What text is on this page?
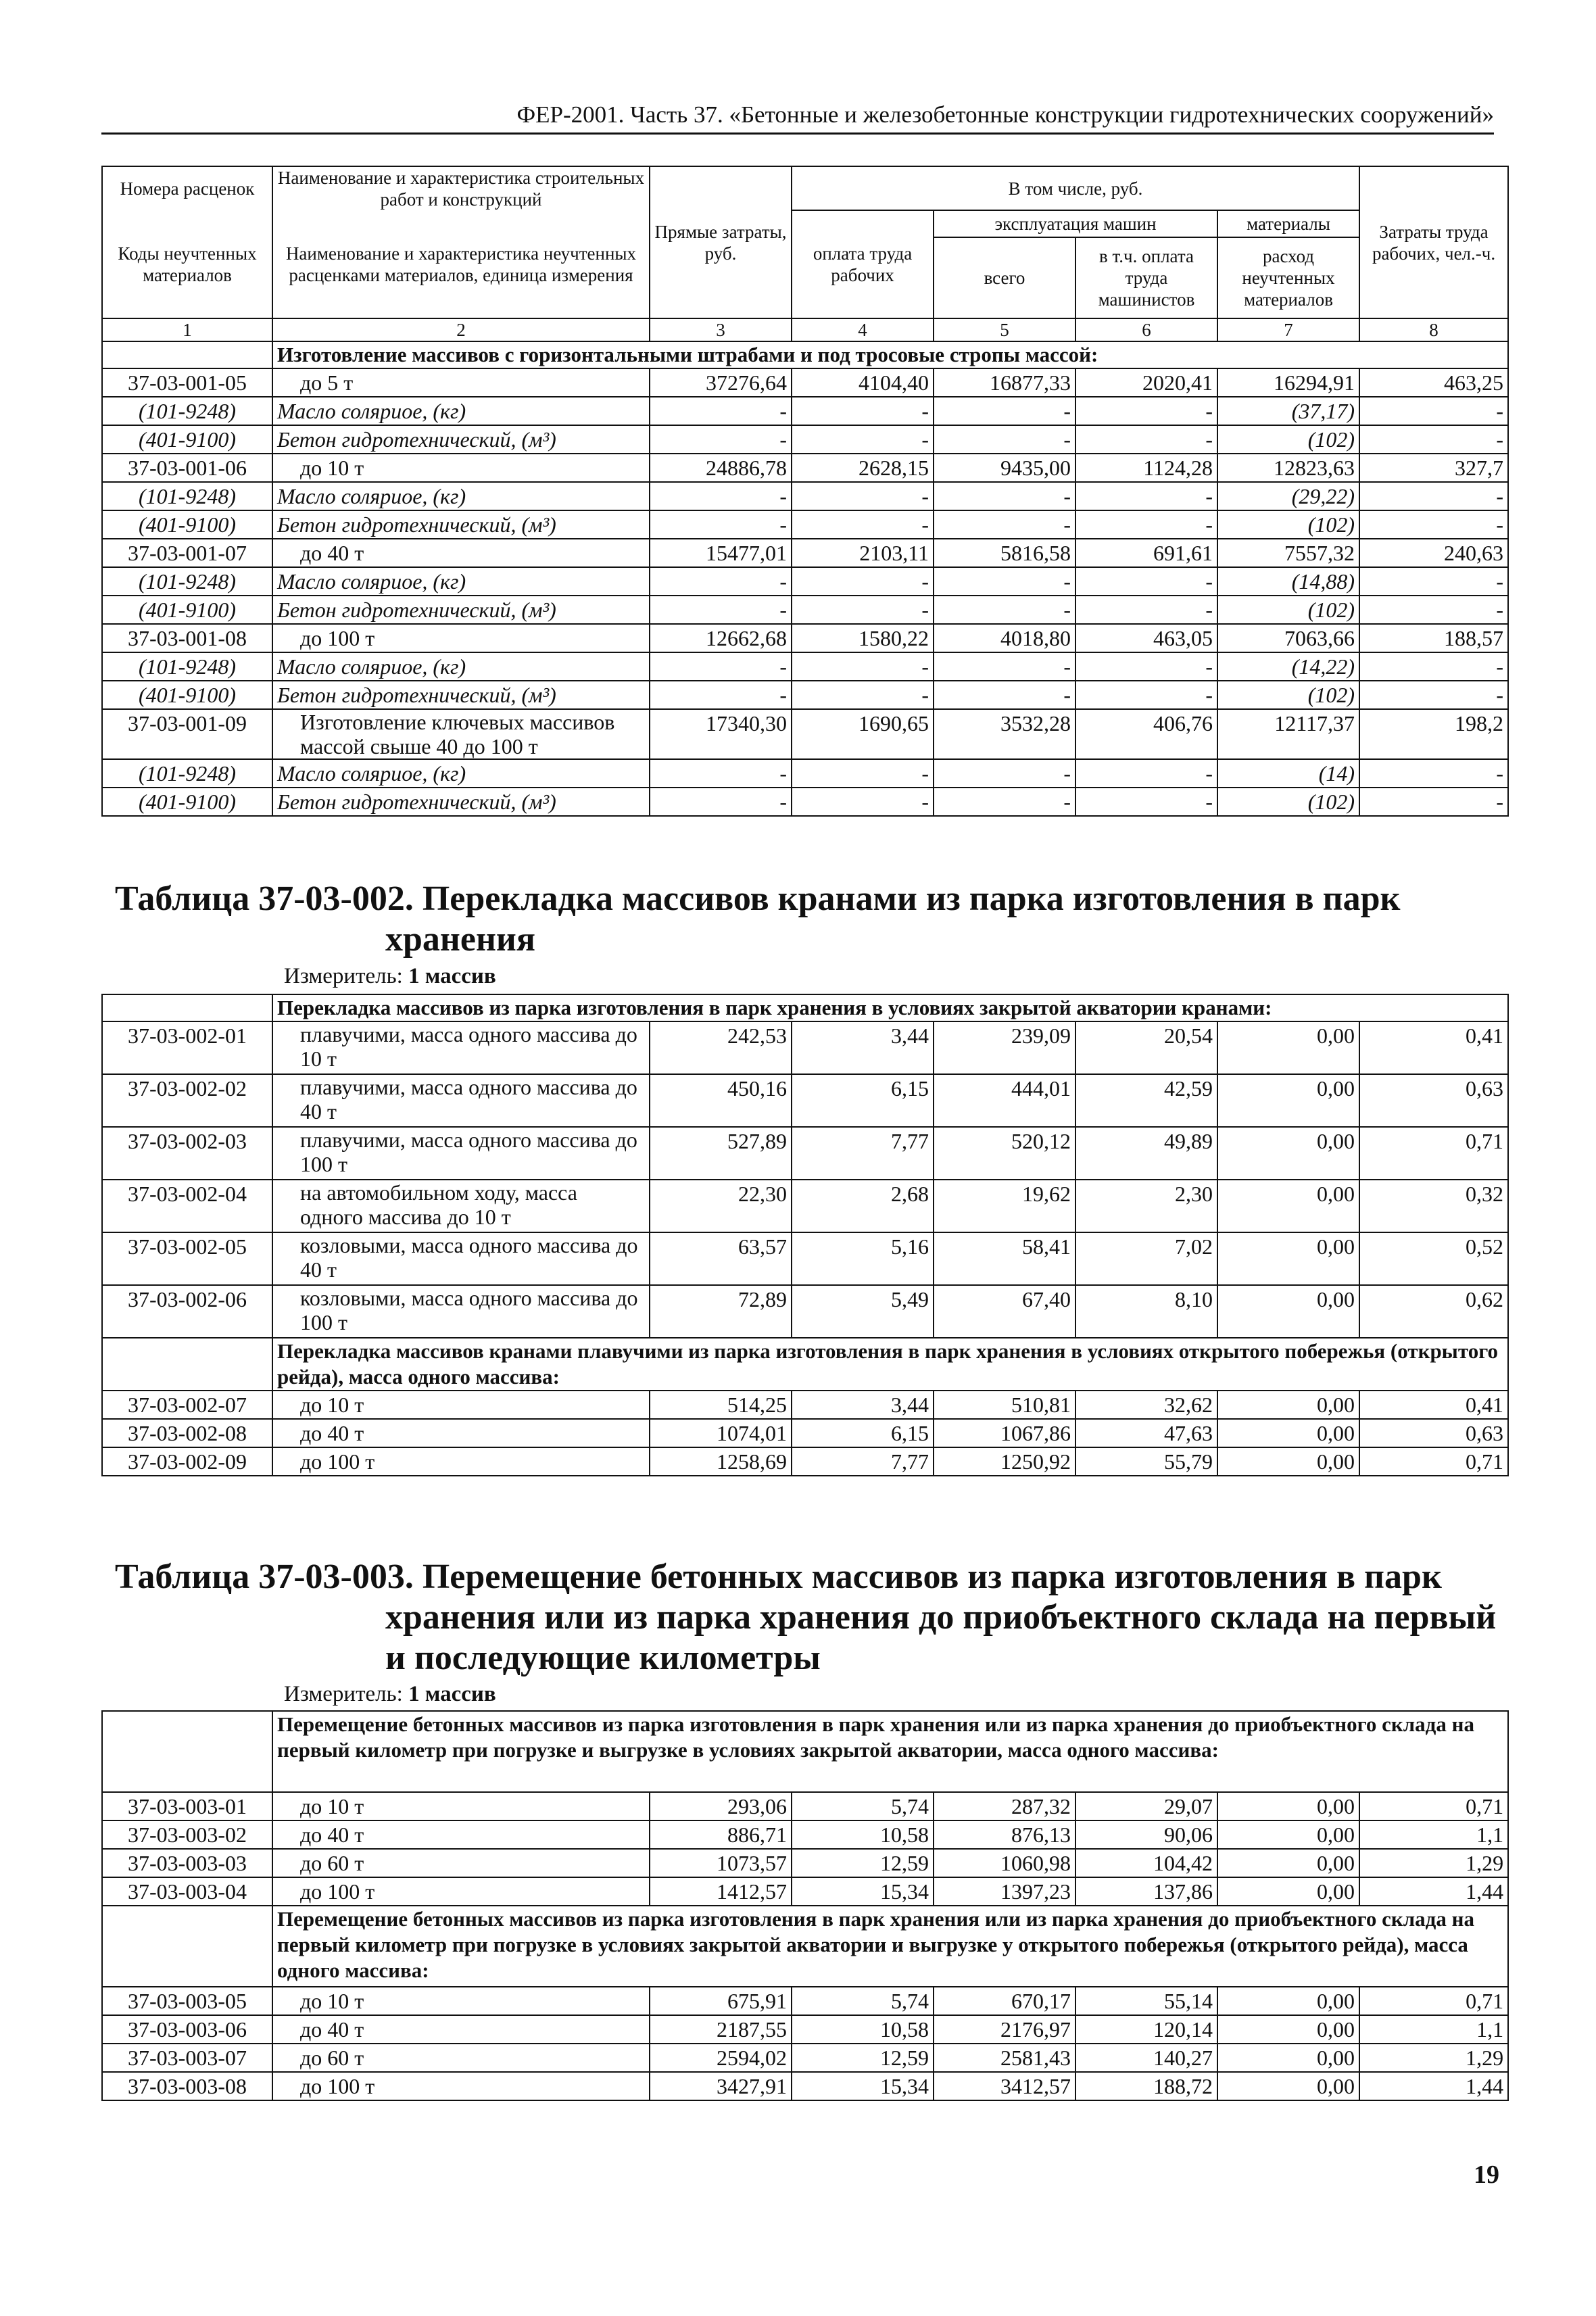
ФЕР-2001. Часть 37. «Бетонные и железобетонные конструкции гидротехнических сооружений»
Номера расценок	Наименование и характеристика строительных работ и конструкций	Прямые затраты, руб.	В том числе, руб.				Затраты труда рабочих, чел.-ч.
Коды неучтенных материалов	Наименование и характеристика неучтенных расценками материалов, единица измерения		оплата труда рабочих	эксплуатация машин		материалы	
				всего	в т.ч. оплата труда машинистов	расход неучтенных материалов	

1	2	3	4	5	6	7	8
	Изготовление массивов с горизонтальными штрабами и под тросовые стропы массой:						
37-03-001-05	до 5 т	37276,64	4104,40	16877,33	2020,41	16294,91	463,25
(101-9248)	Масло соляриое, (кг)	-	-	-	-	(37,17)	-
(401-9100)	Бетон гидротехнический, (м³)	-	-	-	-	(102)	-
37-03-001-06	до 10 т	24886,78	2628,15	9435,00	1124,28	12823,63	327,7
(101-9248)	Масло соляриое, (кг)	-	-	-	-	(29,22)	-
(401-9100)	Бетон гидротехнический, (м³)	-	-	-	-	(102)	-
37-03-001-07	до 40 т	15477,01	2103,11	5816,58	691,61	7557,32	240,63
(101-9248)	Масло соляриое, (кг)	-	-	-	-	(14,88)	-
(401-9100)	Бетон гидротехнический, (м³)	-	-	-	-	(102)	-
37-03-001-08	до 100 т	12662,68	1580,22	4018,80	463,05	7063,66	188,57
(101-9248)	Масло соляриое, (кг)	-	-	-	-	(14,22)	-
(401-9100)	Бетон гидротехнический, (м³)	-	-	-	-	(102)	-
37-03-001-09	Изготовление ключевых массивов массой свыше 40 до 100 т	17340,30	1690,65	3532,28	406,76	12117,37	198,2
(101-9248)	Масло соляриое, (кг)	-	-	-	-	(14)	-
(401-9100)	Бетон гидротехнический, (м³)	-	-	-	-	(102)	-
Таблица 37-03-002. Перекладка массивов кранами из парка изготовления в парк
хранения
Измеритель: 1 массив
	Перекладка массивов из парка изготовления в парк хранения в условиях закрытой акватории кранами:						
37-03-002-01	плавучими, масса одного массива до 10 т	242,53	3,44	239,09	20,54	0,00	0,41
37-03-002-02	плавучими, масса одного массива до 40 т	450,16	6,15	444,01	42,59	0,00	0,63
37-03-002-03	плавучими, масса одного массива до 100 т	527,89	7,77	520,12	49,89	0,00	0,71
37-03-002-04	на автомобильном ходу, масса одного массива до 10 т	22,30	2,68	19,62	2,30	0,00	0,32
37-03-002-05	козловыми, масса одного массива до 40 т	63,57	5,16	58,41	7,02	0,00	0,52
37-03-002-06	козловыми, масса одного массива до 100 т	72,89	5,49	67,40	8,10	0,00	0,62
	Перекладка массивов кранами плавучими из парка изготовления в парк хранения в условиях открытого побережья (открытого рейда), масса одного массива:						
37-03-002-07	до 10 т	514,25	3,44	510,81	32,62	0,00	0,41
37-03-002-08	до 40 т	1074,01	6,15	1067,86	47,63	0,00	0,63
37-03-002-09	до 100 т	1258,69	7,77	1250,92	55,79	0,00	0,71
Таблица 37-03-003. Перемещение бетонных массивов из парка изготовления в парк
хранения или из парка хранения до приобъектного склада на первый
и последующие километры
Измеритель: 1 массив
	Перемещение бетонных массивов из парка изготовления в парк хранения или из парка хранения до приобъектного склада на первый километр при погрузке и выгрузке в условиях закрытой акватории, масса одного массива:						
37-03-003-01	до 10 т	293,06	5,74	287,32	29,07	0,00	0,71
37-03-003-02	до 40 т	886,71	10,58	876,13	90,06	0,00	1,1
37-03-003-03	до 60 т	1073,57	12,59	1060,98	104,42	0,00	1,29
37-03-003-04	до 100 т	1412,57	15,34	1397,23	137,86	0,00	1,44
	Перемещение бетонных массивов из парка изготовления в парк хранения или из парка хранения до приобъектного склада на первый километр при погрузке в условиях закрытой акватории и выгрузке у открытого побережья (открытого рейда), масса одного массива:						
37-03-003-05	до 10 т	675,91	5,74	670,17	55,14	0,00	0,71
37-03-003-06	до 40 т	2187,55	10,58	2176,97	120,14	0,00	1,1
37-03-003-07	до 60 т	2594,02	12,59	2581,43	140,27	0,00	1,29
37-03-003-08	до 100 т	3427,91	15,34	3412,57	188,72	0,00	1,44
19
